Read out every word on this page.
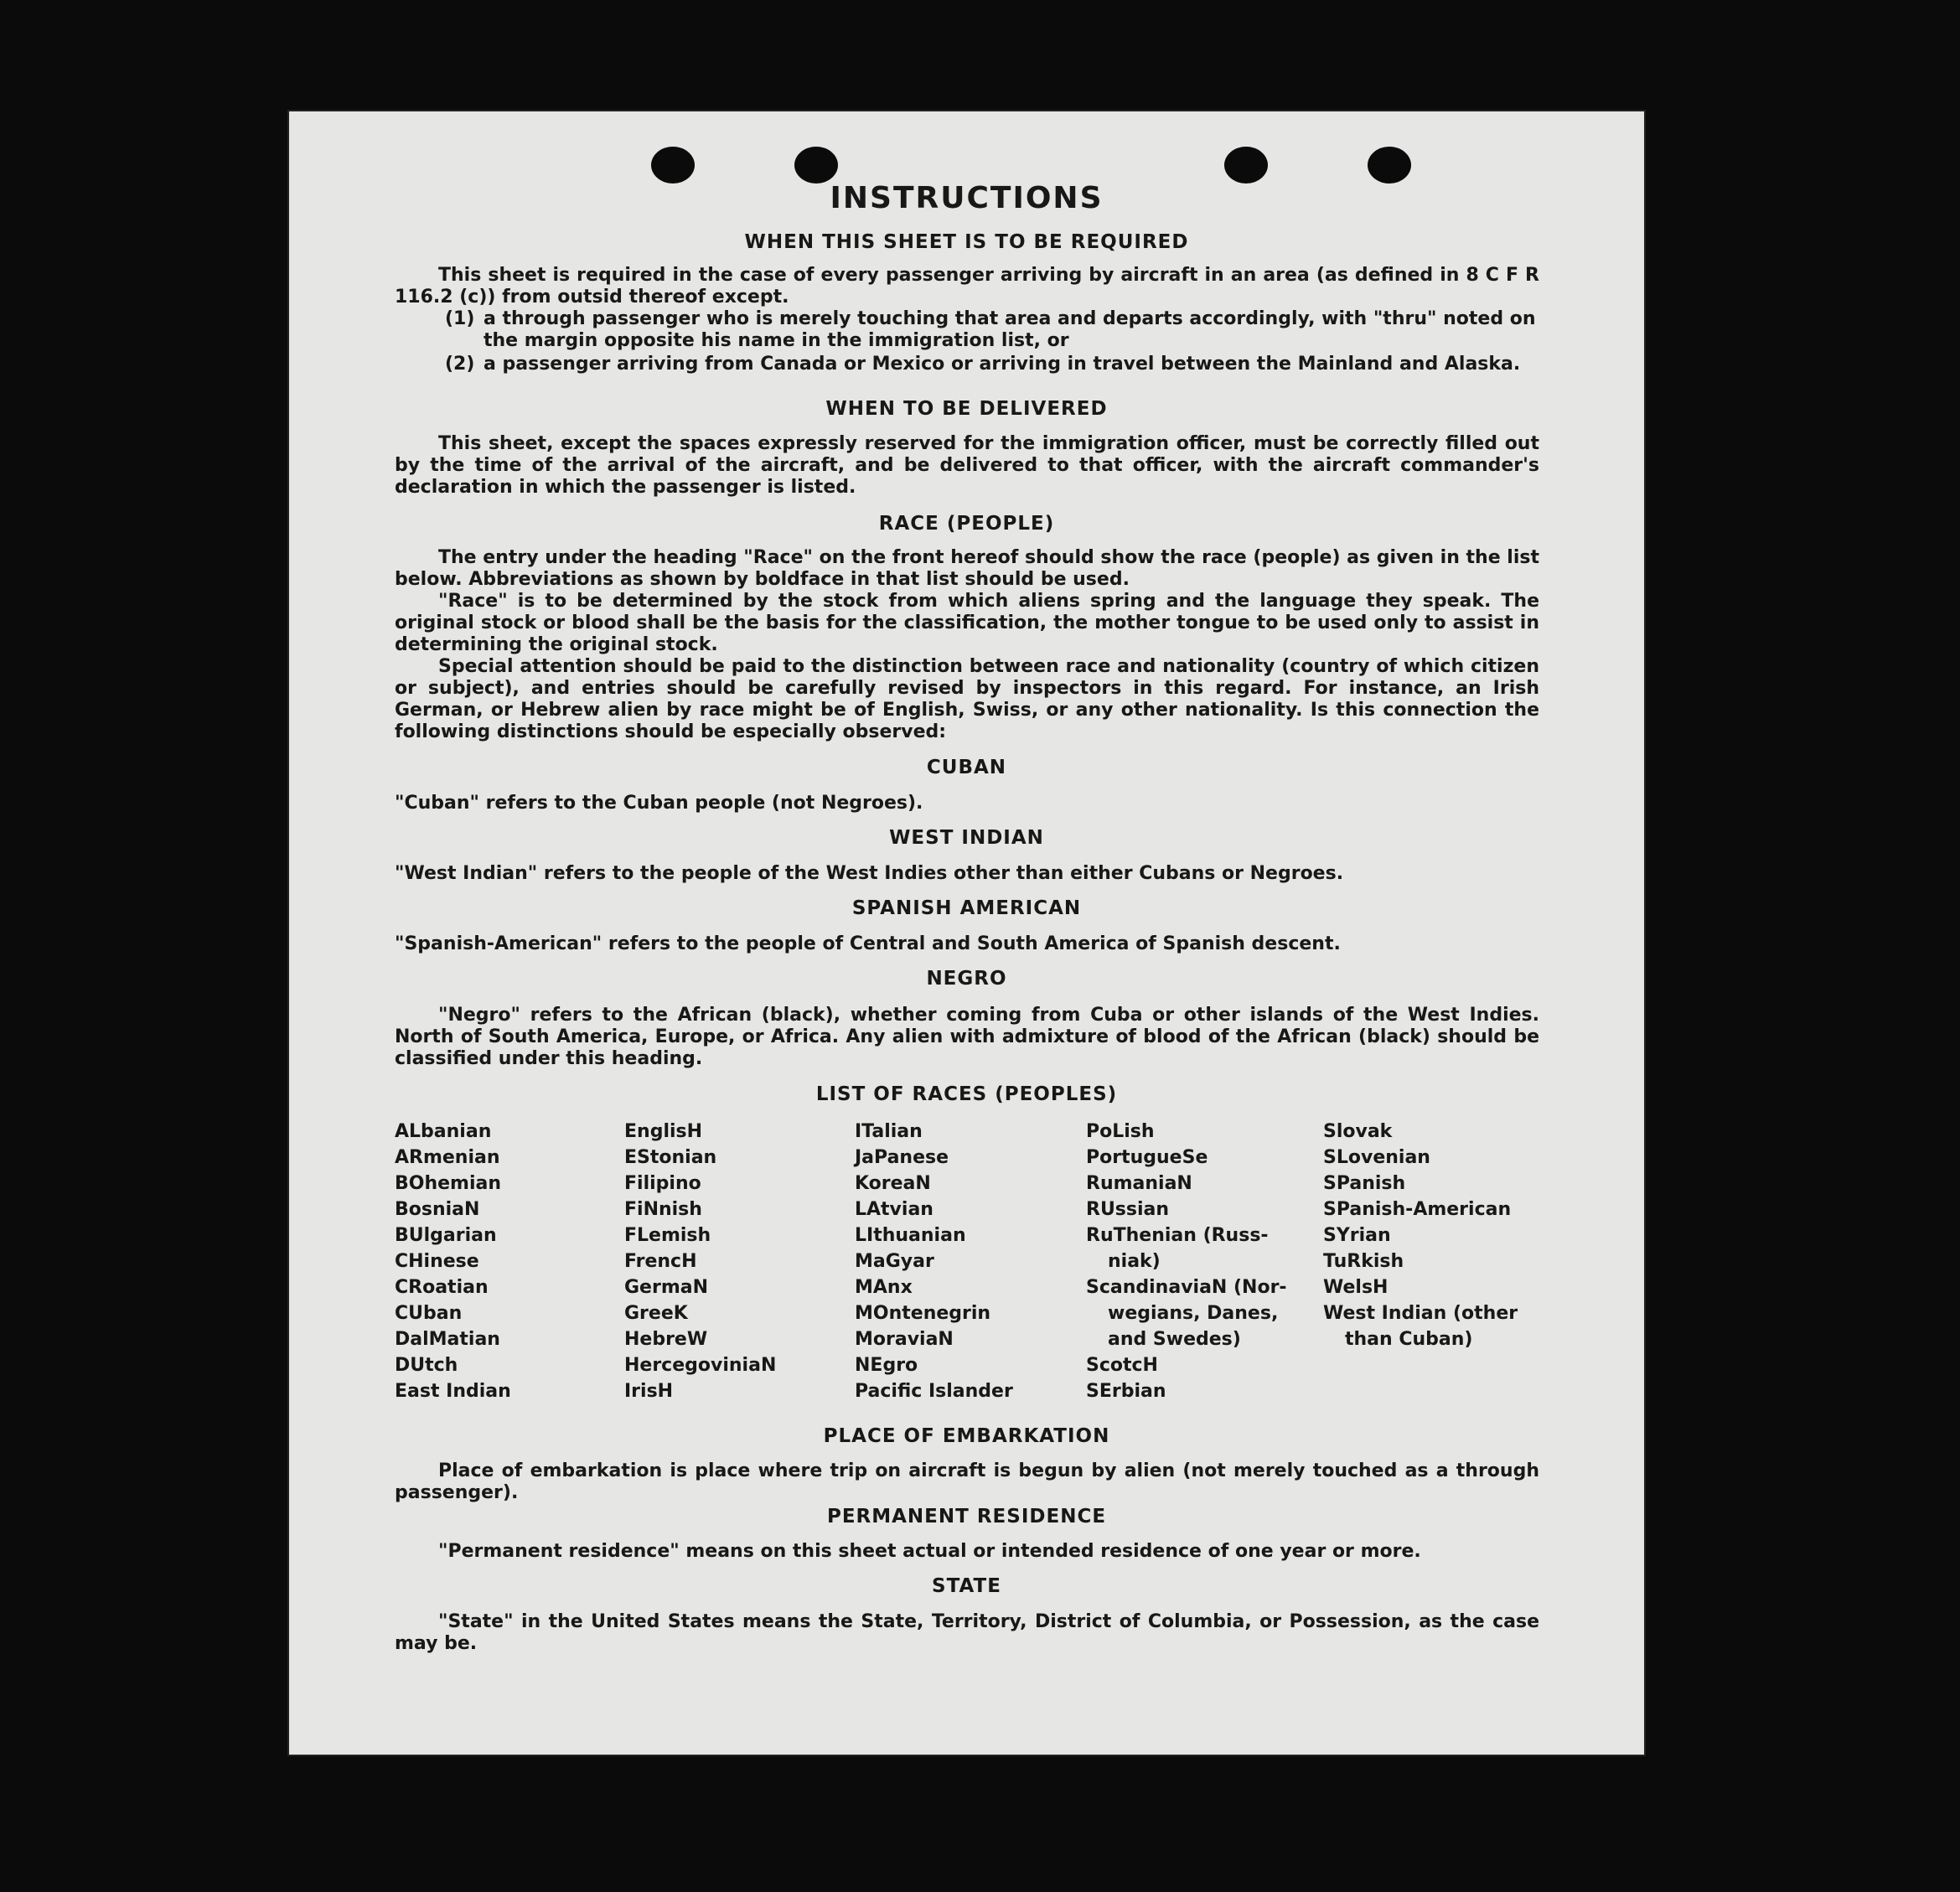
INSTRUCTIONS
WHEN THIS SHEET IS TO BE REQUIRED
This sheet is required in the case of every passenger arriving by aircraft in an area (as defined in 8 C F R 116.2 (c)) from outsid thereof except.
(1) a through passenger who is merely touching that area and departs accordingly, with "thru" noted on the margin opposite his name in the immigration list, or
(2) a passenger arriving from Canada or Mexico or arriving in travel between the Mainland and Alaska.
WHEN TO BE DELIVERED
This sheet, except the spaces expressly reserved for the immigration officer, must be correctly filled out by the time of the arrival of the aircraft, and be delivered to that officer, with the aircraft commander's declaration in which the passenger is listed.
RACE (PEOPLE)
The entry under the heading "Race" on the front hereof should show the race (people) as given in the list below. Abbreviations as shown by boldface in that list should be used.
"Race" is to be determined by the stock from which aliens spring and the language they speak. The original stock or blood shall be the basis for the classification, the mother tongue to be used only to assist in determining the original stock.
Special attention should be paid to the distinction between race and nationality (country of which citizen or subject), and entries should be carefully revised by inspectors in this regard. For instance, an Irish German, or Hebrew alien by race might be of English, Swiss, or any other nationality. Is this connection the following distinctions should be especially observed:
CUBAN
"Cuban" refers to the Cuban people (not Negroes).
WEST INDIAN
"West Indian" refers to the people of the West Indies other than either Cubans or Negroes.
SPANISH AMERICAN
"Spanish-American" refers to the people of Central and South America of Spanish descent.
NEGRO
"Negro" refers to the African (black), whether coming from Cuba or other islands of the West Indies. North of South America, Europe, or Africa. Any alien with admixture of blood of the African (black) should be classified under this heading.
LIST OF RACES (PEOPLES)
ALbanian
ARmenian
BOhemian
BosniaN
BUlgarian
CHinese
CRoatian
CUban
DalMatian
DUtch
East Indian
EnglisH
EStonian
Filipino
FiNnish
FLemish
FrencH
GermaN
GreeK
HebreW
HercegoviniaN
IrisH
ITalian
JaPanese
KoreaN
LAtvian
LIthuanian
MaGyar
MAnx
MOntenegrin
MoraviaN
NEgro
Pacific Islander
PoLish
PortugueSe
RumaniaN
RUssian
RuThenian (Russ-
niak)
ScandinaviaN (Nor-
wegians, Danes,
and Swedes)
ScotcH
SErbian
Slovak
SLovenian
SPanish
SPanish-American
SYrian
TuRkish
WelsH
West Indian (other
than Cuban)
PLACE OF EMBARKATION
Place of embarkation is place where trip on aircraft is begun by alien (not merely touched as a through passenger).
PERMANENT RESIDENCE
"Permanent residence" means on this sheet actual or intended residence of one year or more.
STATE
"State" in the United States means the State, Territory, District of Columbia, or Possession, as the case may be.
